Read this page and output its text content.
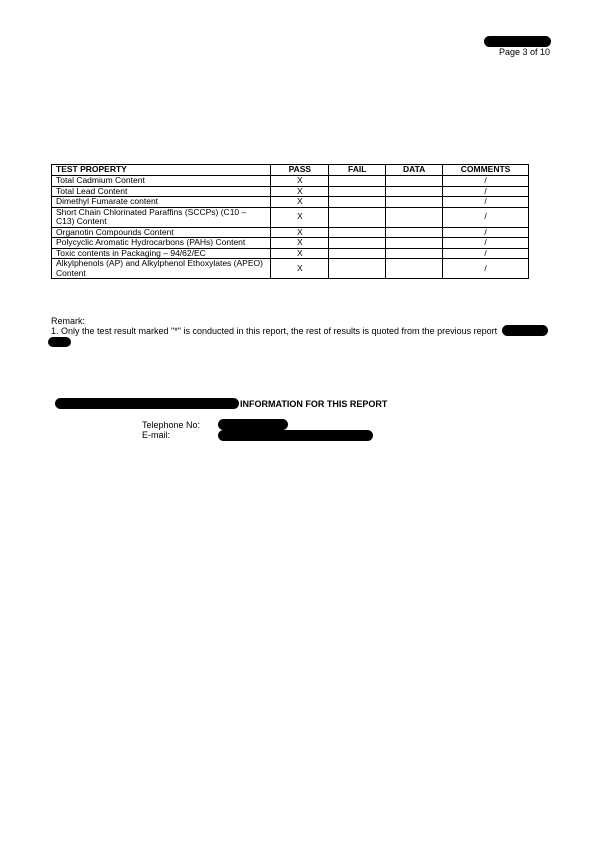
Page 3 of 10
TEST PROPERTY	PASS	FAIL	DATA	COMMENTS
Total Cadmium Content	X			/
Total Lead Content	X			/
Dimethyl Fumarate content	X			/
Short Chain Chlorinated Paraffins (SCCPs) (C10 – C13) Content	X			/
Organotin Compounds Content	X			/
Polycyclic Aromatic Hydrocarbons (PAHs) Content	X			/
Toxic contents in Packaging – 94/62/EC	X			/
Alkylphenols (AP) and Alkylphenol Ethoxylates (APEO) Content	X			/
Remark:
1. Only the test result marked "*" is conducted in this report, the rest of results is quoted from the previous report
INFORMATION FOR THIS REPORT
Telephone No:
E-mail:
